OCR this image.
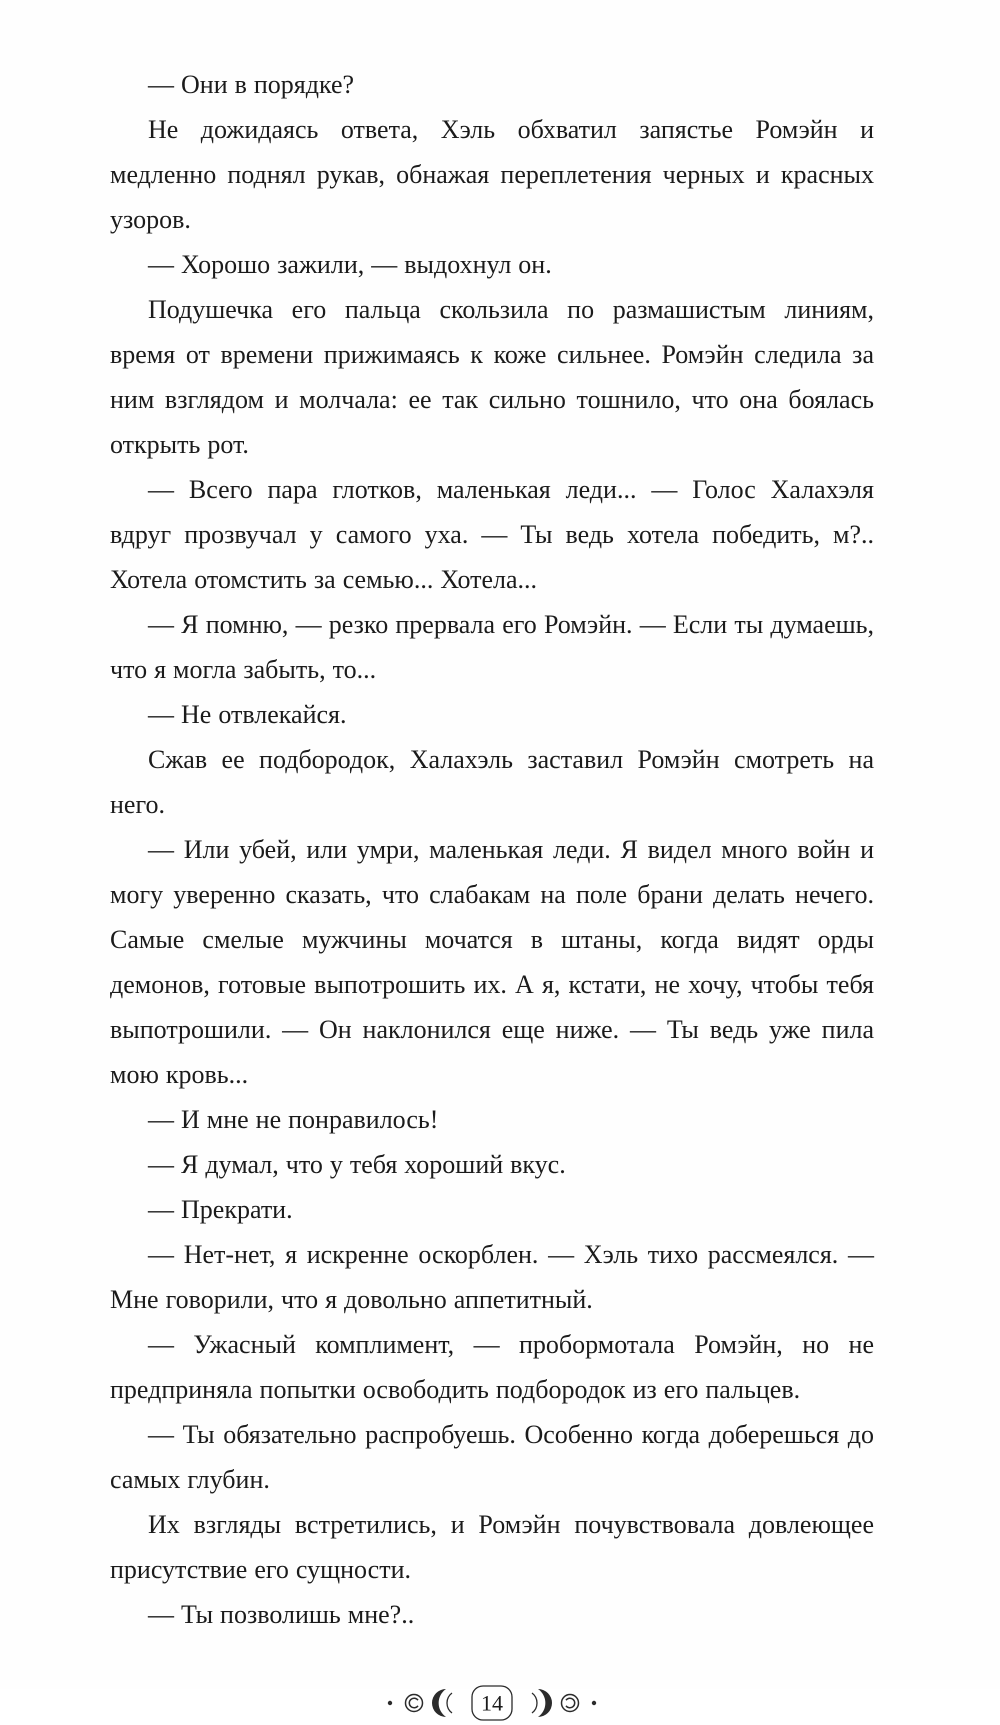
— Они в порядке?

Не дожидаясь ответа, Хэль обхватил запястье Ромэйн и медленно поднял рукав, обнажая переплетения черных и красных узоров.

— Хорошо зажили, — выдохнул он.

Подушечка его пальца скользила по размашистым линиям, время от времени прижимаясь к коже сильнее. Ромэйн следила за ним взглядом и молчала: ее так сильно тошнило, что она боялась открыть рот.

— Всего пара глотков, маленькая леди... — Голос Халахэля вдруг прозвучал у самого уха. — Ты ведь хотела победить, м?.. Хотела отомстить за семью... Хотела...

— Я помню, — резко прервала его Ромэйн. — Если ты думаешь, что я могла забыть, то...

— Не отвлекайся.

Сжав ее подбородок, Халахэль заставил Ромэйн смотреть на него.

— Или убей, или умри, маленькая леди. Я видел много войн и могу уверенно сказать, что слабакам на поле брани делать нечего. Самые смелые мужчины мочатся в штаны, когда видят орды демонов, готовые выпотрошить их. А я, кстати, не хочу, чтобы тебя выпотрошили. — Он наклонился еще ниже. — Ты ведь уже пила мою кровь...

— И мне не понравилось!

— Я думал, что у тебя хороший вкус.

— Прекрати.

— Нет-нет, я искренне оскорблен. — Хэль тихо рассмеялся. — Мне говорили, что я довольно аппетитный.

— Ужасный комплимент, — пробормотала Ромэйн, но не предприняла попытки освободить подбородок из его пальцев.

— Ты обязательно распробуешь. Особенно когда доберешься до самых глубин.

Их взгляды встретились, и Ромэйн почувствовала довлеющее присутствие его сущности.

— Ты позволишь мне?..

14
